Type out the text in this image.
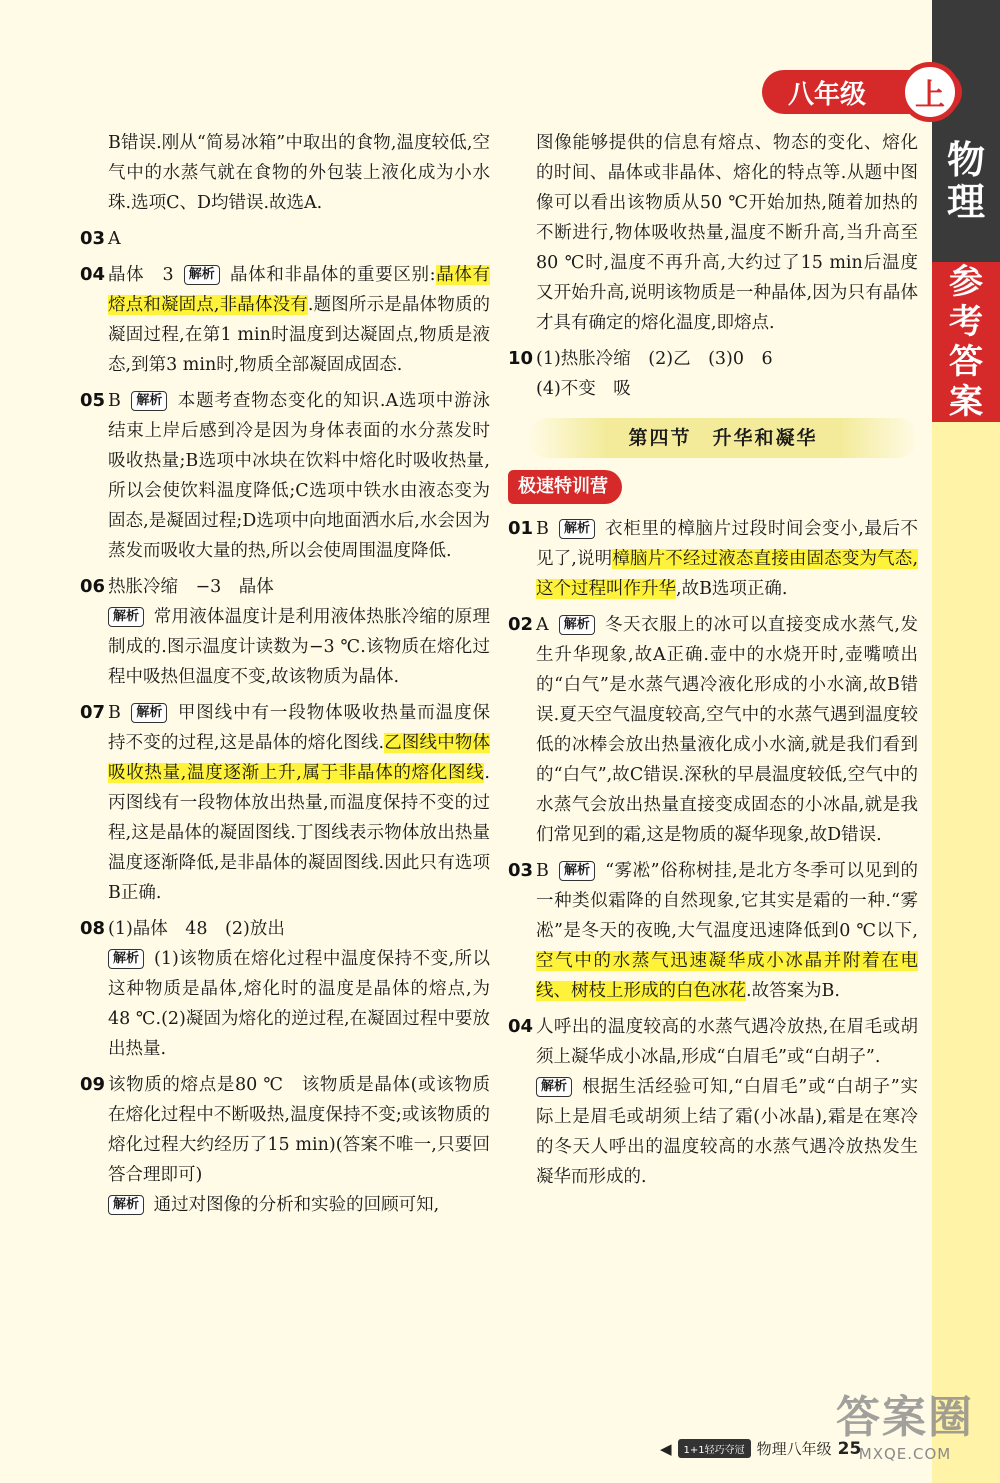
物
理
参
考
答
案
八年级	上
B错误.刚从“简易冰箱”中取出的食物,温度较低,空气中的水蒸气就在食物的外包装上液化成为小水珠.选项C、D均错误.故选A.
03 A
04 晶体　3 解析 晶体和非晶体的重要区别:晶体有熔点和凝固点,非晶体没有.题图所示是晶体物质的凝固过程,在第1 min时温度到达凝固点,物质是液态,到第3 min时,物质全部凝固成固态.
05 B 解析 本题考查物态变化的知识.A选项中游泳结束上岸后感到冷是因为身体表面的水分蒸发时吸收热量;B选项中冰块在饮料中熔化时吸收热量,所以会使饮料温度降低;C选项中铁水由液态变为固态,是凝固过程;D选项中向地面洒水后,水会因为蒸发而吸收大量的热,所以会使周围温度降低.
06 热胀冷缩　−3　晶体
解析 常用液体温度计是利用液体热胀冷缩的原理制成的.图示温度计读数为−3 ℃.该物质在熔化过程中吸热但温度不变,故该物质为晶体.
07 B 解析 甲图线中有一段物体吸收热量而温度保持不变的过程,这是晶体的熔化图线.乙图线中物体吸收热量,温度逐渐上升,属于非晶体的熔化图线.丙图线有一段物体放出热量,而温度保持不变的过程,这是晶体的凝固图线.丁图线表示物体放出热量温度逐渐降低,是非晶体的凝固图线.因此只有选项B正确.
08 (1)晶体　48　(2)放出
解析 (1)该物质在熔化过程中温度保持不变,所以这种物质是晶体,熔化时的温度是晶体的熔点,为48 ℃.(2)凝固为熔化的逆过程,在凝固过程中要放出热量.
09 该物质的熔点是80 ℃　该物质是晶体(或该物质在熔化过程中不断吸热,温度保持不变;或该物质的熔化过程大约经历了15 min)(答案不唯一,只要回答合理即可)
解析 通过对图像的分析和实验的回顾可知,
图像能够提供的信息有熔点、物态的变化、熔化的时间、晶体或非晶体、熔化的特点等.从题中图像可以看出该物质从50 ℃开始加热,随着加热的不断进行,物体吸收热量,温度不断升高,当升高至80 ℃时,温度不再升高,大约过了15 min后温度又开始升高,说明该物质是一种晶体,因为只有晶体才具有确定的熔化温度,即熔点.
10 (1)热胀冷缩　(2)乙　(3)0　6
(4)不变　吸
第四节　升华和凝华
极速特训营
01 B 解析 衣柜里的樟脑片过段时间会变小,最后不见了,说明樟脑片不经过液态直接由固态变为气态,这个过程叫作升华,故B选项正确.
02 A 解析 冬天衣服上的冰可以直接变成水蒸气,发生升华现象,故A正确.壶中的水烧开时,壶嘴喷出的“白气”是水蒸气遇冷液化形成的小水滴,故B错误.夏天空气温度较高,空气中的水蒸气遇到温度较低的冰棒会放出热量液化成小水滴,就是我们看到的“白气”,故C错误.深秋的早晨温度较低,空气中的水蒸气会放出热量直接变成固态的小冰晶,就是我们常见到的霜,这是物质的凝华现象,故D错误.
03 B 解析 “雾凇”俗称树挂,是北方冬季可以见到的一种类似霜降的自然现象,它其实是霜的一种.“雾凇”是冬天的夜晚,大气温度迅速降低到0 ℃以下,空气中的水蒸气迅速凝华成小冰晶并附着在电线、树枝上形成的白色冰花.故答案为B.
04 人呼出的温度较高的水蒸气遇冷放热,在眉毛或胡须上凝华成小冰晶,形成“白眉毛”或“白胡子”.
解析 根据生活经验可知,“白眉毛”或“白胡子”实际上是眉毛或胡须上结了霜(小冰晶),霜是在寒冷的冬天人呼出的温度较高的水蒸气遇冷放热发生凝华而形成的.
◀	1+1轻巧夺冠 物理八年级 25
答案圈
MXQE.COM
